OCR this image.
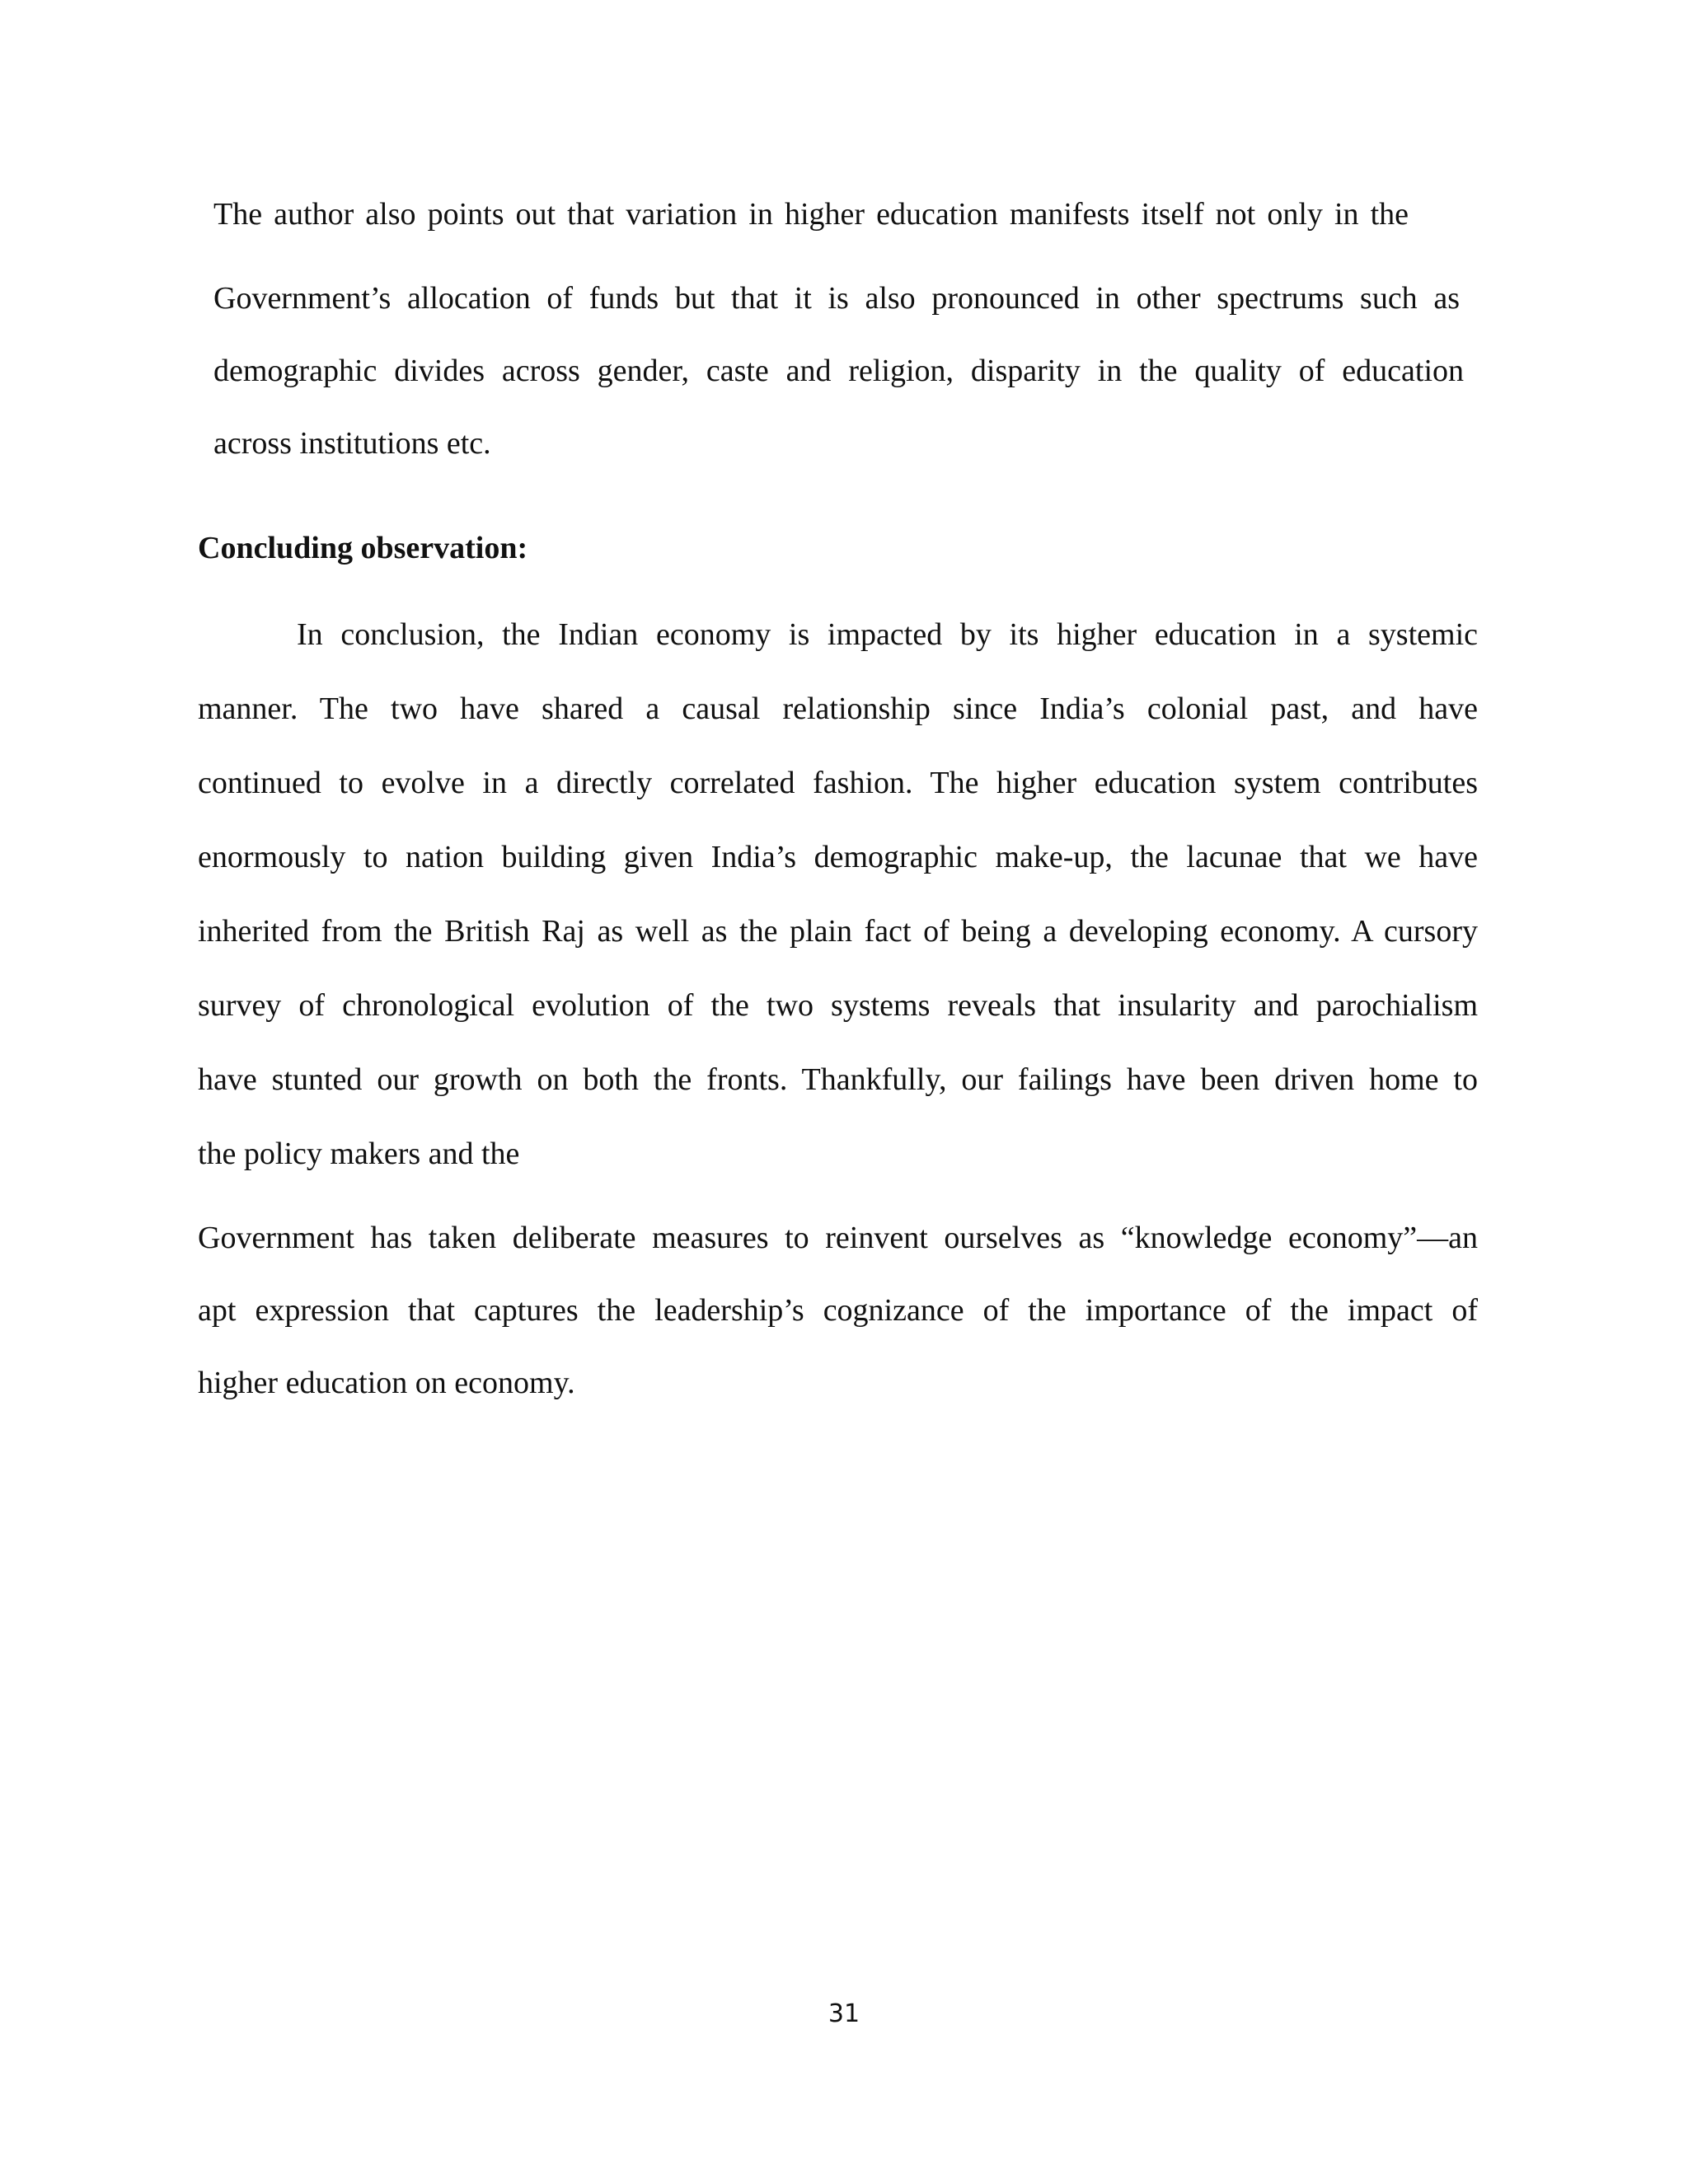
The author also points out that variation in higher education manifests itself not only in the
Government’s allocation of funds but that it is also pronounced in other spectrums such as
demographic divides across gender, caste and religion, disparity in the quality of education
across institutions etc.
Concluding observation:
In conclusion, the Indian economy is impacted by its higher education in a systemic
manner. The two have shared a causal relationship since India’s colonial past, and have
continued to evolve in a directly correlated fashion. The higher education system contributes
enormously to nation building given India’s demographic make-up, the lacunae that we have
inherited from the British Raj as well as the plain fact of being a developing economy. A cursory
survey of chronological evolution of the two systems reveals that insularity and parochialism
have stunted our growth on both the fronts. Thankfully, our failings have been driven home to
the policy makers and the
Government has taken deliberate measures to reinvent ourselves as “knowledge economy”—an
apt expression that captures the leadership’s cognizance of the importance of the impact of
higher education on economy.
31
